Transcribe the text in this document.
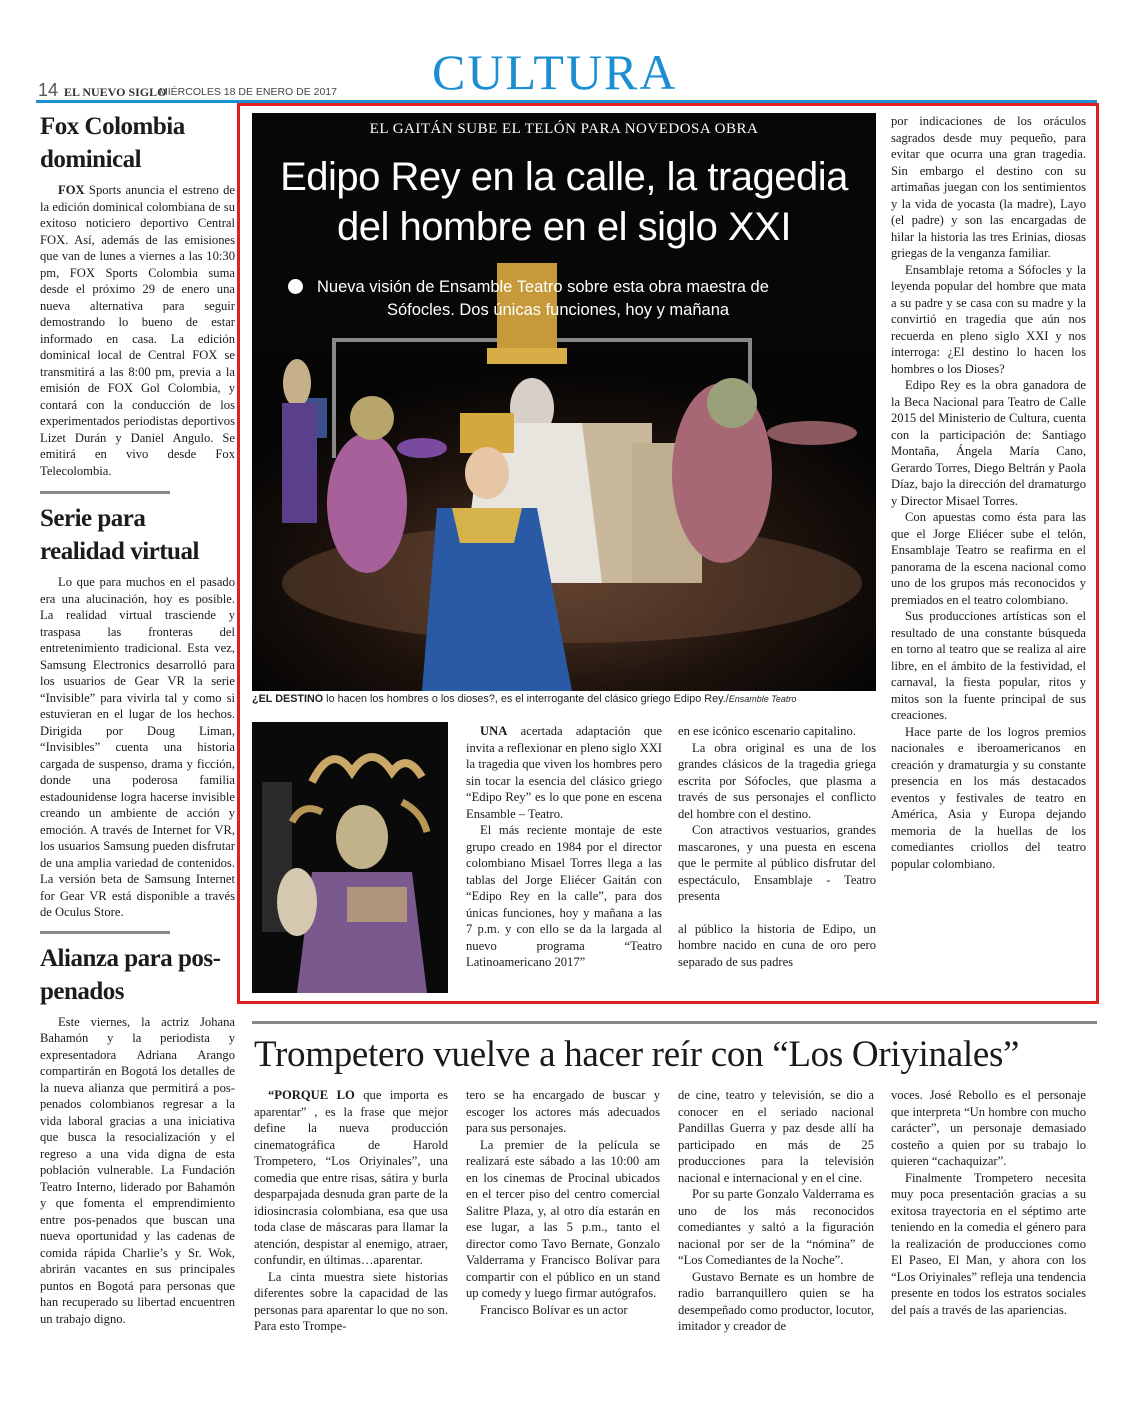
14 EL NUEVO SIGLO
MIÉRCOLES 18 DE ENERO DE 2017 CULTURA
Fox Colombia dominical

FOX Sports anuncia el estreno de la edición dominical colombiana de su exitoso noticiero deportivo Central FOX. Así, además de las emisiones que van de lunes a viernes a las 10:30 pm, FOX Sports Colombia suma desde el próximo 29 de enero una nueva alternativa para seguir demostrando lo bueno de estar informado en casa. La edición dominical local de Central FOX se transmitirá a las 8:00 pm, previa a la emisión de FOX Gol Colombia, y contará con la conducción de los experimentados periodistas deportivos Lizet Durán y Daniel Angulo. Se emitirá en vivo desde Fox Telecolombia.

Serie para realidad virtual

Lo que para muchos en el pasado era una alucinación, hoy es posible. La realidad virtual trasciende y traspasa las fronteras del entretenimiento tradicional. Esta vez, Samsung Electronics desarrolló para los usuarios de Gear VR la serie “Invisible” para vivirla tal y como si estuvieran en el lugar de los hechos. Dirigida por Doug Liman, “Invisibles” cuenta una historia cargada de suspenso, drama y ficción, donde una poderosa familia estadounidense logra hacerse invisible creando un ambiente de acción y emoción. A través de Internet for VR, los usuarios Samsung pueden disfrutar de una amplia variedad de contenidos. La versión beta de Samsung Internet for Gear VR está disponible a través de Oculus Store.

Alianza para pos-penados

Este viernes, la actriz Johana Bahamón y la periodista y expresentadora Adriana Arango compartirán en Bogotá los detalles de la nueva alianza que permitirá a pos-penados colombianos regresar a la vida laboral gracias a una iniciativa que busca la resocialización y el regreso a una vida digna de esta población vulnerable. La Fundación Teatro Interno, liderado por Bahamón y que fomenta el emprendimiento entre pos-penados que buscan una nueva oportunidad y las cadenas de comida rápida Charlie’s y Sr. Wok, abrirán vacantes en sus principales puntos en Bogotá para personas que han recuperado su libertad encuentren un trabajo digno.

EL GAITÁN SUBE EL TELÓN PARA NOVEDOSA OBRA
Edipo Rey en la calle, la tragedia
del hombre en el siglo XXI
Nueva visión de Ensamble Teatro sobre esta obra maestra de
Sófocles. Dos únicas funciones, hoy y mañana
¿EL DESTINO lo hacen los hombres o los dioses?, es el interrogante del clásico griego Edipo Rey./Ensamble Teatro

UNA acertada adaptación que invita a reflexionar en pleno siglo XXI la tragedia que viven los hombres pero sin tocar la esencia del clásico griego “Edipo Rey” es lo que pone en escena Ensamble – Teatro.

El más reciente montaje de este grupo creado en 1984 por el director colombiano Misael Torres llega a las tablas del Jorge Eliécer Gaitán con “Edipo Rey en la calle”, para dos únicas funciones, hoy y mañana a las 7 p.m. y con ello se da la largada al nuevo programa “Teatro Latinoamericano 2017”

en ese icónico escenario capitalino.

La obra original es una de los grandes clásicos de la tragedia griega escrita por Sófocles, que plasma a través de sus personajes el conflicto del hombre con el destino.

Con atractivos vestuarios, grandes mascarones, y una puesta en escena que le permite al público disfrutar del espectáculo, Ensamblaje - Teatro presenta

al público la historia de Edipo, un hombre nacido en cuna de oro pero separado de sus padres

por indicaciones de los oráculos sagrados desde muy pequeño, para evitar que ocurra una gran tragedia. Sin embargo el destino con su artimañas juegan con los sentimientos y la vida de yocasta (la madre), Layo (el padre) y son las encargadas de hilar la historia las tres Erinias, diosas griegas de la venganza familiar.

Ensamblaje retoma a Sófocles y la leyenda popular del hombre que mata a su padre y se casa con su madre y la convirtió en tragedia que aún nos recuerda en pleno siglo XXI y nos interroga: ¿El destino lo hacen los hombres o los Dioses?

Edipo Rey es la obra ganadora de la Beca Nacional para Teatro de Calle 2015 del Ministerio de Cultura, cuenta con la participación de: Santiago Montaña, Ángela María Cano, Gerardo Torres, Diego Beltrán y Paola Díaz, bajo la dirección del dramaturgo y Director Misael Torres.

Con apuestas como ésta para las que el Jorge Eliécer sube el telón, Ensamblaje Teatro se reafirma en el panorama de la escena nacional como uno de los grupos más reconocidos y premiados en el teatro colombiano.

Sus producciones artísticas son el resultado de una constante búsqueda en torno al teatro que se realiza al aire libre, en el ámbito de la festividad, el carnaval, la fiesta popular, ritos y mitos son la fuente principal de sus creaciones.

Hace parte de los logros premios nacionales e iberoamericanos en creación y dramaturgia y su constante presencia en los más destacados eventos y festivales de teatro en América, Asia y Europa dejando memoria de la huellas de los comediantes criollos del teatro popular colombiano.

Trompetero vuelve a hacer reír con “Los Oriyinales”

“PORQUE LO que importa es aparentar” , es la frase que mejor define la nueva producción cinematográfica de Harold Trompetero, “Los Oriyinales”, una comedia que entre risas, sátira y burla desparpajada desnuda gran parte de la idiosincrasia colombiana, esa que usa toda clase de máscaras para llamar la atención, despistar al enemigo, atraer, confundir, en últimas…aparentar.

La cinta muestra siete historias diferentes sobre la capacidad de las personas para aparentar lo que no son. Para esto Trompe-

tero se ha encargado de buscar y escoger los actores más adecuados para sus personajes.

La premier de la película se realizará este sábado a las 10:00 am en los cinemas de Procinal ubicados en el tercer piso del centro comercial Salitre Plaza, y, al otro día estarán en ese lugar, a las 5 p.m., tanto el director como Tavo Bernate, Gonzalo Valderrama y Francisco Bolívar para compartir con el público en un stand up comedy y luego firmar autógrafos.

Francisco Bolívar es un actor

de cine, teatro y televisión, se dio a conocer en el seriado nacional Pandillas Guerra y paz desde allí ha participado en más de 25 producciones para la televisión nacional e internacional y en el cine.

Por su parte Gonzalo Valderrama es uno de los más reconocidos comediantes y saltó a la figuración nacional por ser de la “nómina” de “Los Comediantes de la Noche”.

Gustavo Bernate es un hombre de radio barranquillero quien se ha desempeñado como productor, locutor, imitador y creador de

voces. José Rebollo es el personaje que interpreta “Un hombre con mucho carácter”, un personaje demasiado costeño a quien por su trabajo lo quieren “cachaquizar”.

Finalmente Trompetero necesita muy poca presentación gracias a su exitosa trayectoria en el séptimo arte teniendo en la comedia el género para la realización de producciones como El Paseo, El Man, y ahora con los “Los Oriyinales” refleja una tendencia presente en todos los estratos sociales del país a través de las apariencias.
